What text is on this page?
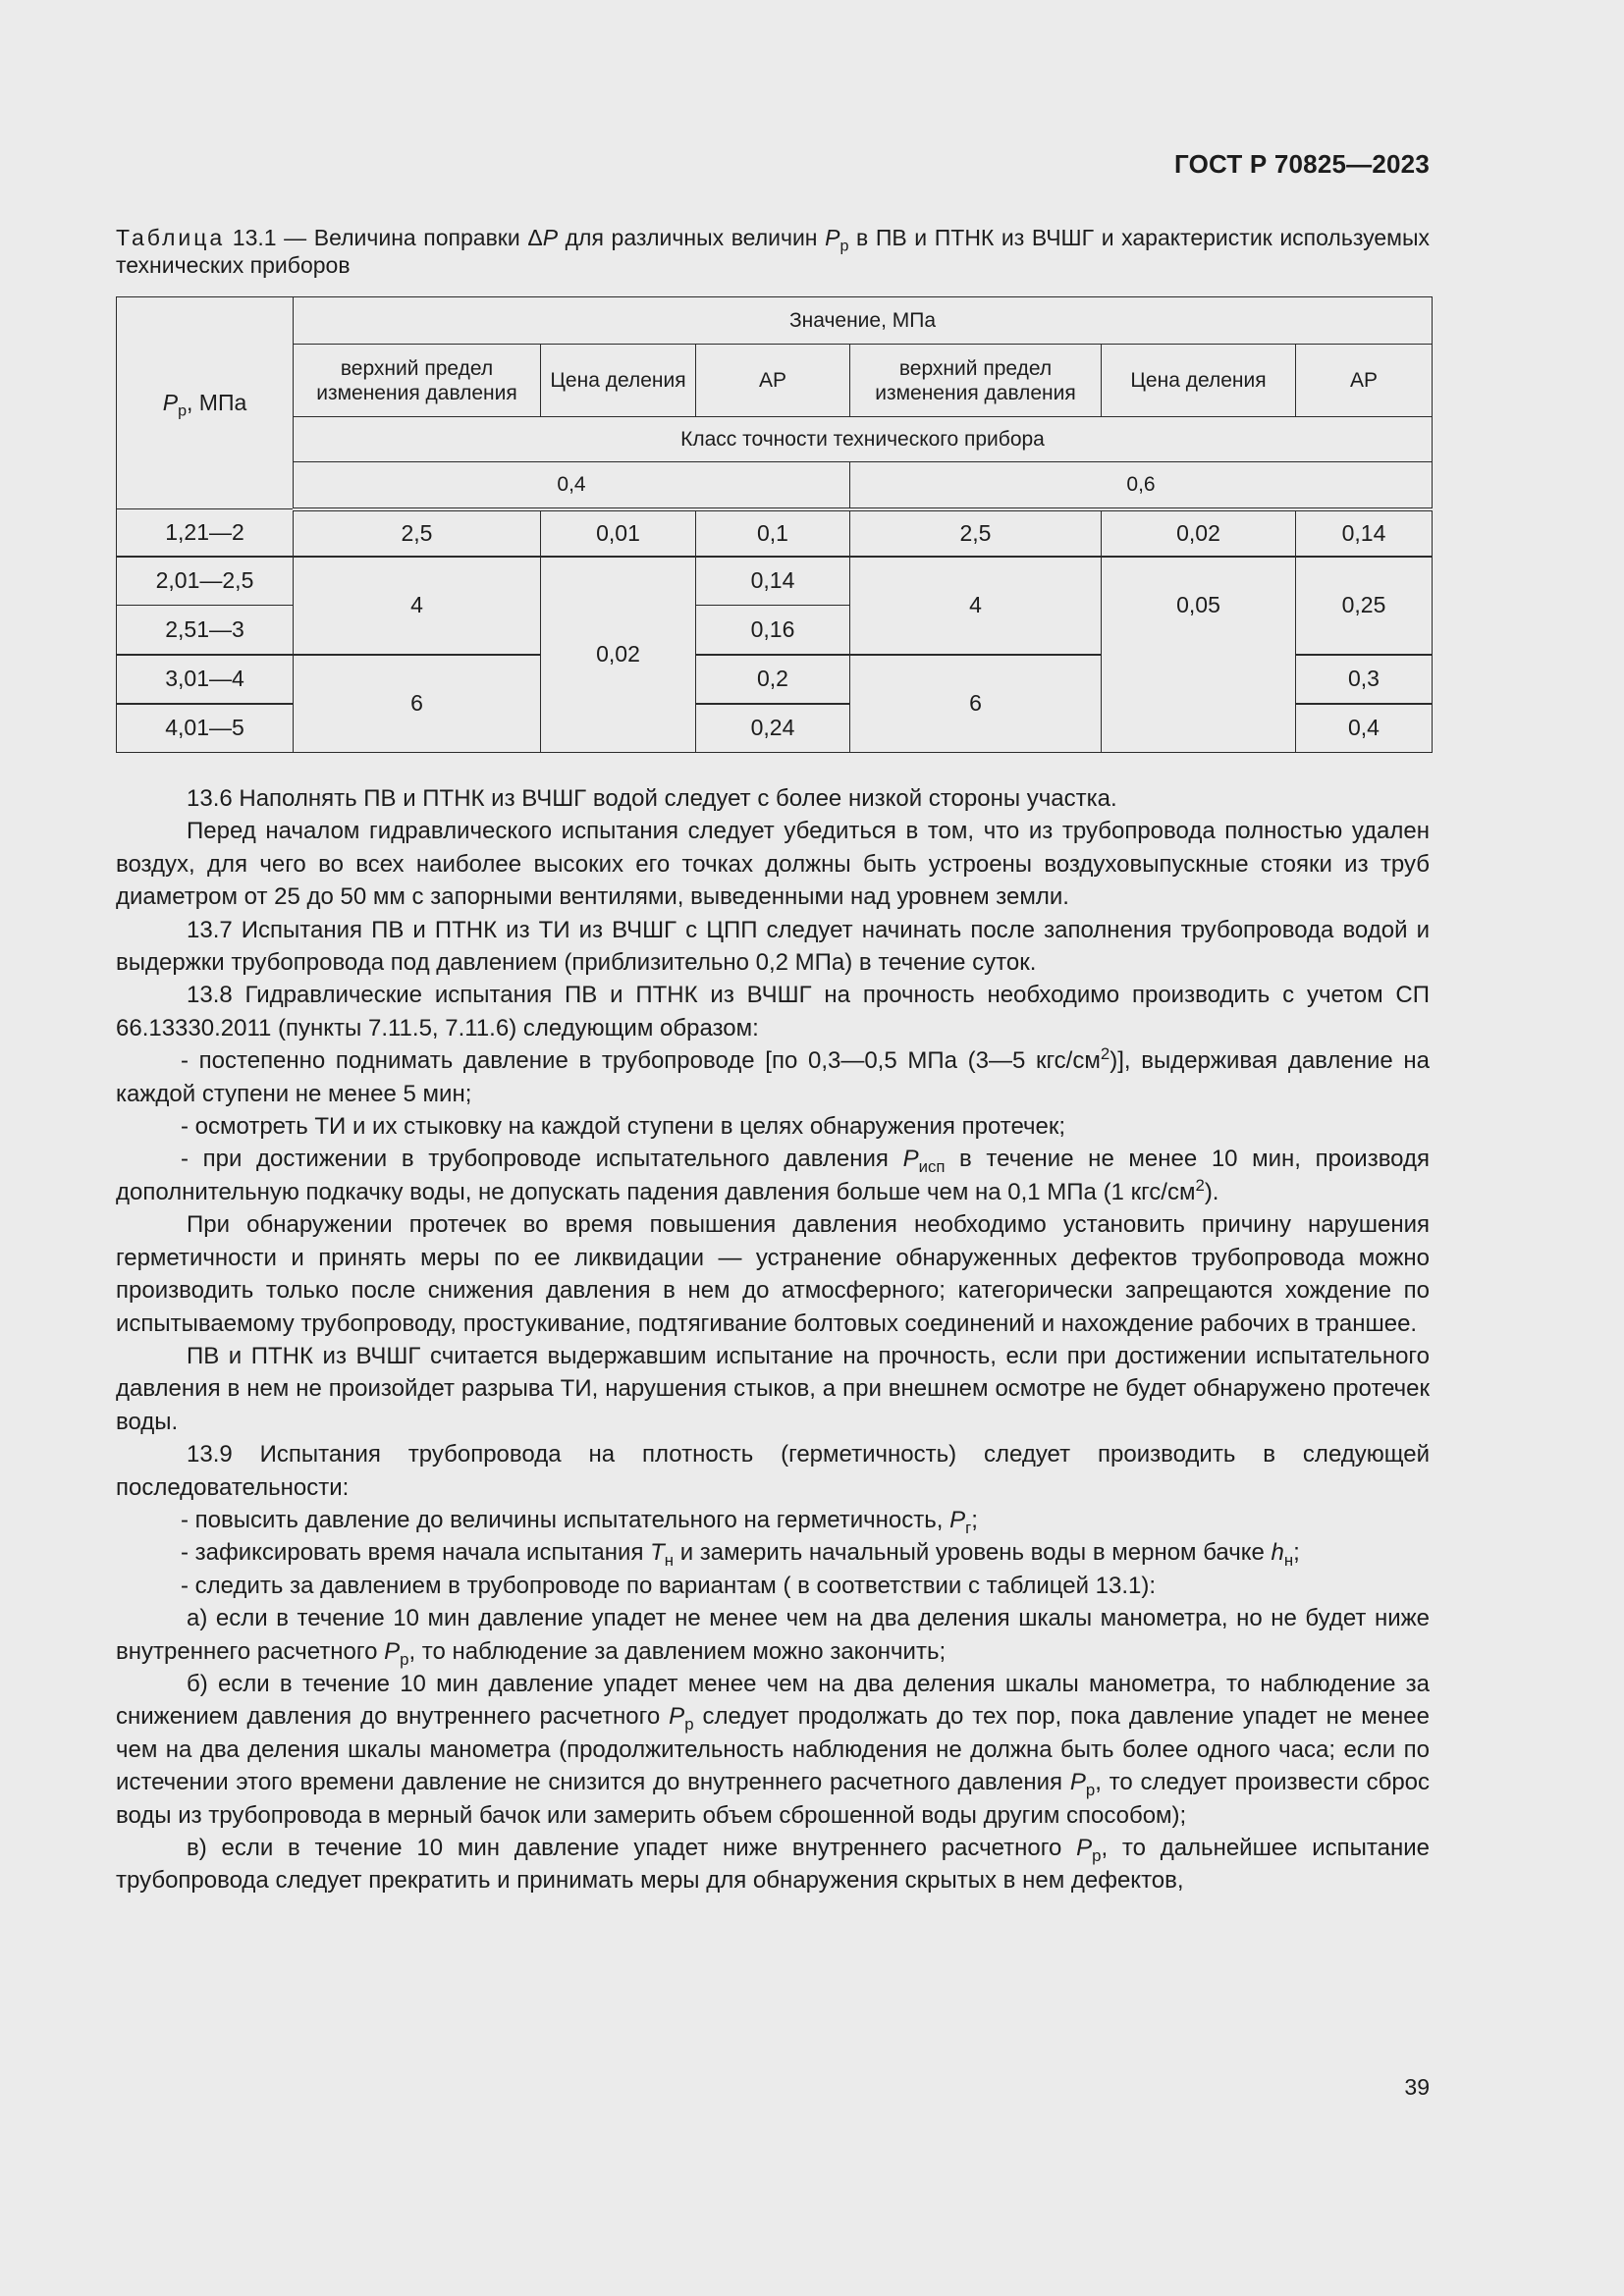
ГОСТ Р 70825—2023
Таблица 13.1 — Величина поправки ΔP для различных величин $Р_р$ в ПВ и ПТНК из ВЧШГ и характеристик используемых технических приборов
$Р_р$, МПа	Значение, МПа					
	верхний предел изменения давления	Цена деления	АР	верхний предел изменения давления	Цена деления	АР
	Класс точности технического прибора					
	0,4			0,6		
1,21—2	2,5	0,01	0,1	2,5	0,02	0,14
2,01—2,5	4	0,02	0,14	4	0,05	0,25
2,51—3			0,16			
3,01—4	6		0,2	6		0,3
4,01—5			0,24			0,4

13.6 Наполнять ПВ и ПТНК из ВЧШГ водой следует с более низкой стороны участка.

Перед началом гидравлического испытания следует убедиться в том, что из трубопровода полностью удален воздух, для чего во всех наиболее высоких его точках должны быть устроены воздуховыпускные стояки из труб диаметром от 25 до 50 мм с запорными вентилями, выведенными над уровнем земли.

13.7 Испытания ПВ и ПТНК из ТИ из ВЧШГ с ЦПП следует начинать после заполнения трубопровода водой и выдержки трубопровода под давлением (приблизительно 0,2 МПа) в течение суток.

13.8 Гидравлические испытания ПВ и ПТНК из ВЧШГ на прочность необходимо производить с учетом СП 66.13330.2011 (пункты 7.11.5, 7.11.6) следующим образом:

- постепенно поднимать давление в трубопроводе [по 0,3—0,5 МПа (3—5 кгс/$см^2$)], выдерживая давление на каждой ступени не менее 5 мин;

- осмотреть ТИ и их стыковку на каждой ступени в целях обнаружения протечек;

- при достижении в трубопроводе испытательного давления $Р_{исп}$ в течение не менее 10 мин, производя дополнительную подкачку воды, не допускать падения давления больше чем на 0,1 МПа (1 кгс/$см^2$).

При обнаружении протечек во время повышения давления необходимо установить причину нарушения герметичности и принять меры по ее ликвидации — устранение обнаруженных дефектов трубопровода можно производить только после снижения давления в нем до атмосферного; категорически запрещаются хождение по испытываемому трубопроводу, простукивание, подтягивание болтовых соединений и нахождение рабочих в траншее.

ПВ и ПТНК из ВЧШГ считается выдержавшим испытание на прочность, если при достижении испытательного давления в нем не произойдет разрыва ТИ, нарушения стыков, а при внешнем осмотре не будет обнаружено протечек воды.

13.9 Испытания трубопровода на плотность (герметичность) следует производить в следующей последовательности:

- повысить давление до величины испытательного на герметичность, $Р_г$;

- зафиксировать время начала испытания $Т_н$ и замерить начальный уровень воды в мерном бачке $h_н$;

- следить за давлением в трубопроводе по вариантам ( в соответствии с таблицей 13.1):

а) если в течение 10 мин давление упадет не менее чем на два деления шкалы манометра, но не будет ниже внутреннего расчетного $Р_р$, то наблюдение за давлением можно закончить;

б) если в течение 10 мин давление упадет менее чем на два деления шкалы манометра, то наблюдение за снижением давления до внутреннего расчетного $Р_р$ следует продолжать до тех пор, пока давление упадет не менее чем на два деления шкалы манометра (продолжительность наблюдения не должна быть более одного часа; если по истечении этого времени давление не снизится до внутреннего расчетного давления $Р_р$, то следует произвести сброс воды из трубопровода в мерный бачок или замерить объем сброшенной воды другим способом);

в) если в течение 10 мин давление упадет ниже внутреннего расчетного $Р_р$, то дальнейшее испытание трубопровода следует прекратить и принимать меры для обнаружения скрытых в нем дефектов,

39
